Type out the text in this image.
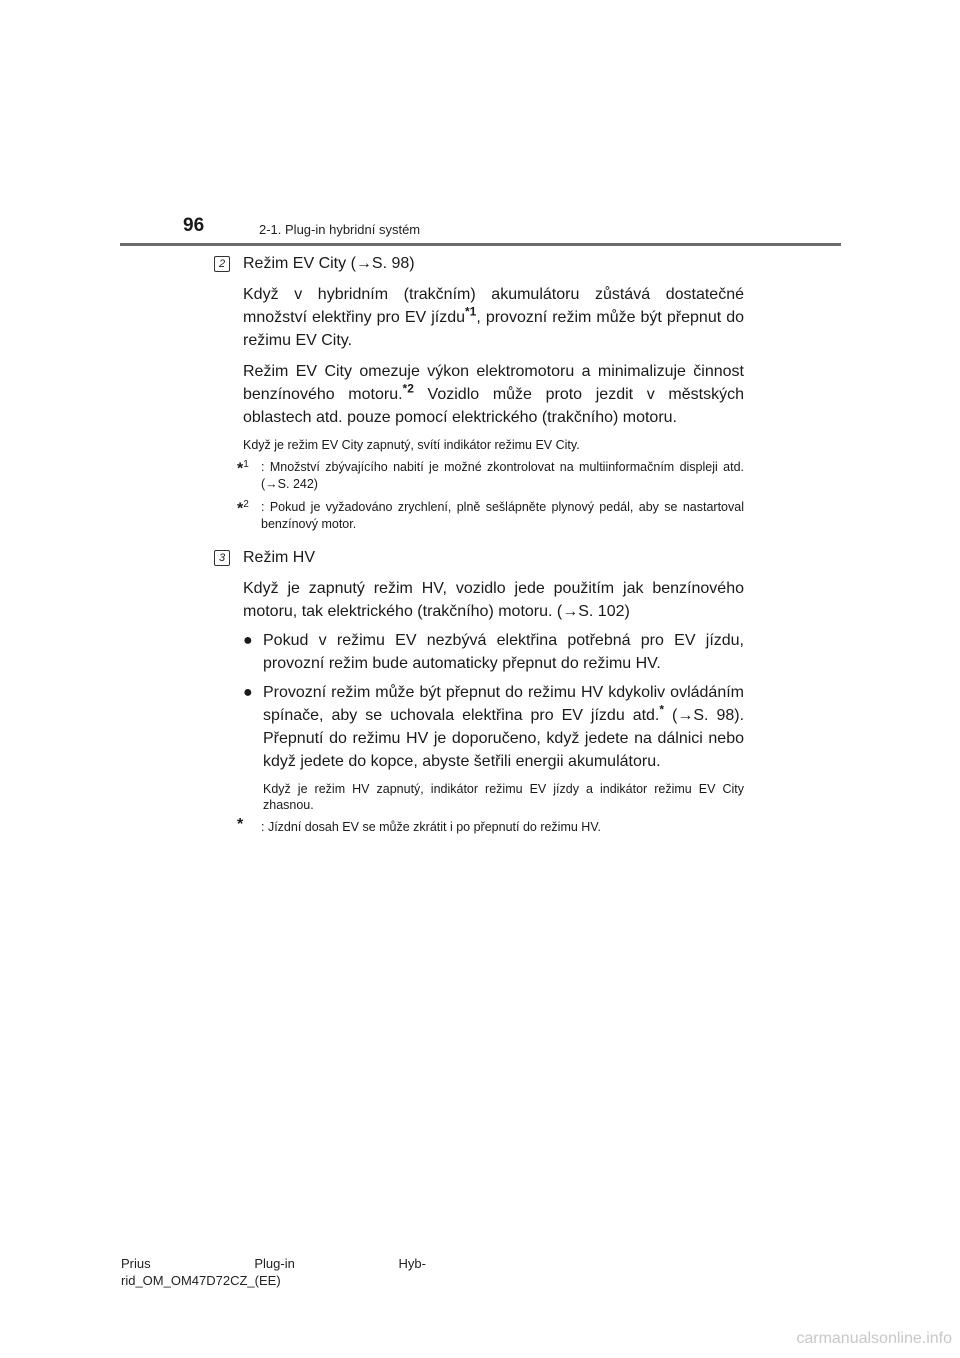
96	2-1. Plug-in hybridní systém
2	Režim EV City (→S. 98)
Když v hybridním (trakčním) akumulátoru zůstává dostatečné množství elektřiny pro EV jízdu$^{*1}$, provozní režim může být přepnut do režimu EV City.
Režim EV City omezuje výkon elektromotoru a minimalizuje činnost benzínového motoru.$^{*2}$ Vozidlo může proto jezdit v městských oblastech atd. pouze pomocí elektrického (trakčního) motoru.
Když je režim EV City zapnutý, svítí indikátor režimu EV City.
*$^1$ : Množství zbývajícího nabití je možné zkontrolovat na multiinformačním displeji atd. (→S. 242)
*$^2$ : Pokud je vyžadováno zrychlení, plně sešlápněte plynový pedál, aby se nastartoval benzínový motor.
3	Režim HV
Když je zapnutý režim HV, vozidlo jede použitím jak benzínového motoru, tak elektrického (trakčního) motoru. (→S. 102)
● Pokud v režimu EV nezbývá elektřina potřebná pro EV jízdu, provozní režim bude automaticky přepnut do režimu HV.
● Provozní režim může být přepnut do režimu HV kdykoliv ovládáním spínače, aby se uchovala elektřina pro EV jízdu atd.* (→S. 98). Přepnutí do režimu HV je doporučeno, když jedete na dálnici nebo když jedete do kopce, abyste šetřili energii akumulátoru.
Když je režim HV zapnutý, indikátor režimu EV jízdy a indikátor režimu EV City zhasnou.
* : Jízdní dosah EV se může zkrátit i po přepnutí do režimu HV.
Prius	Plug-in	Hyb-
rid_OM_OM47D72CZ_(EE)
carmanualsonline.info
